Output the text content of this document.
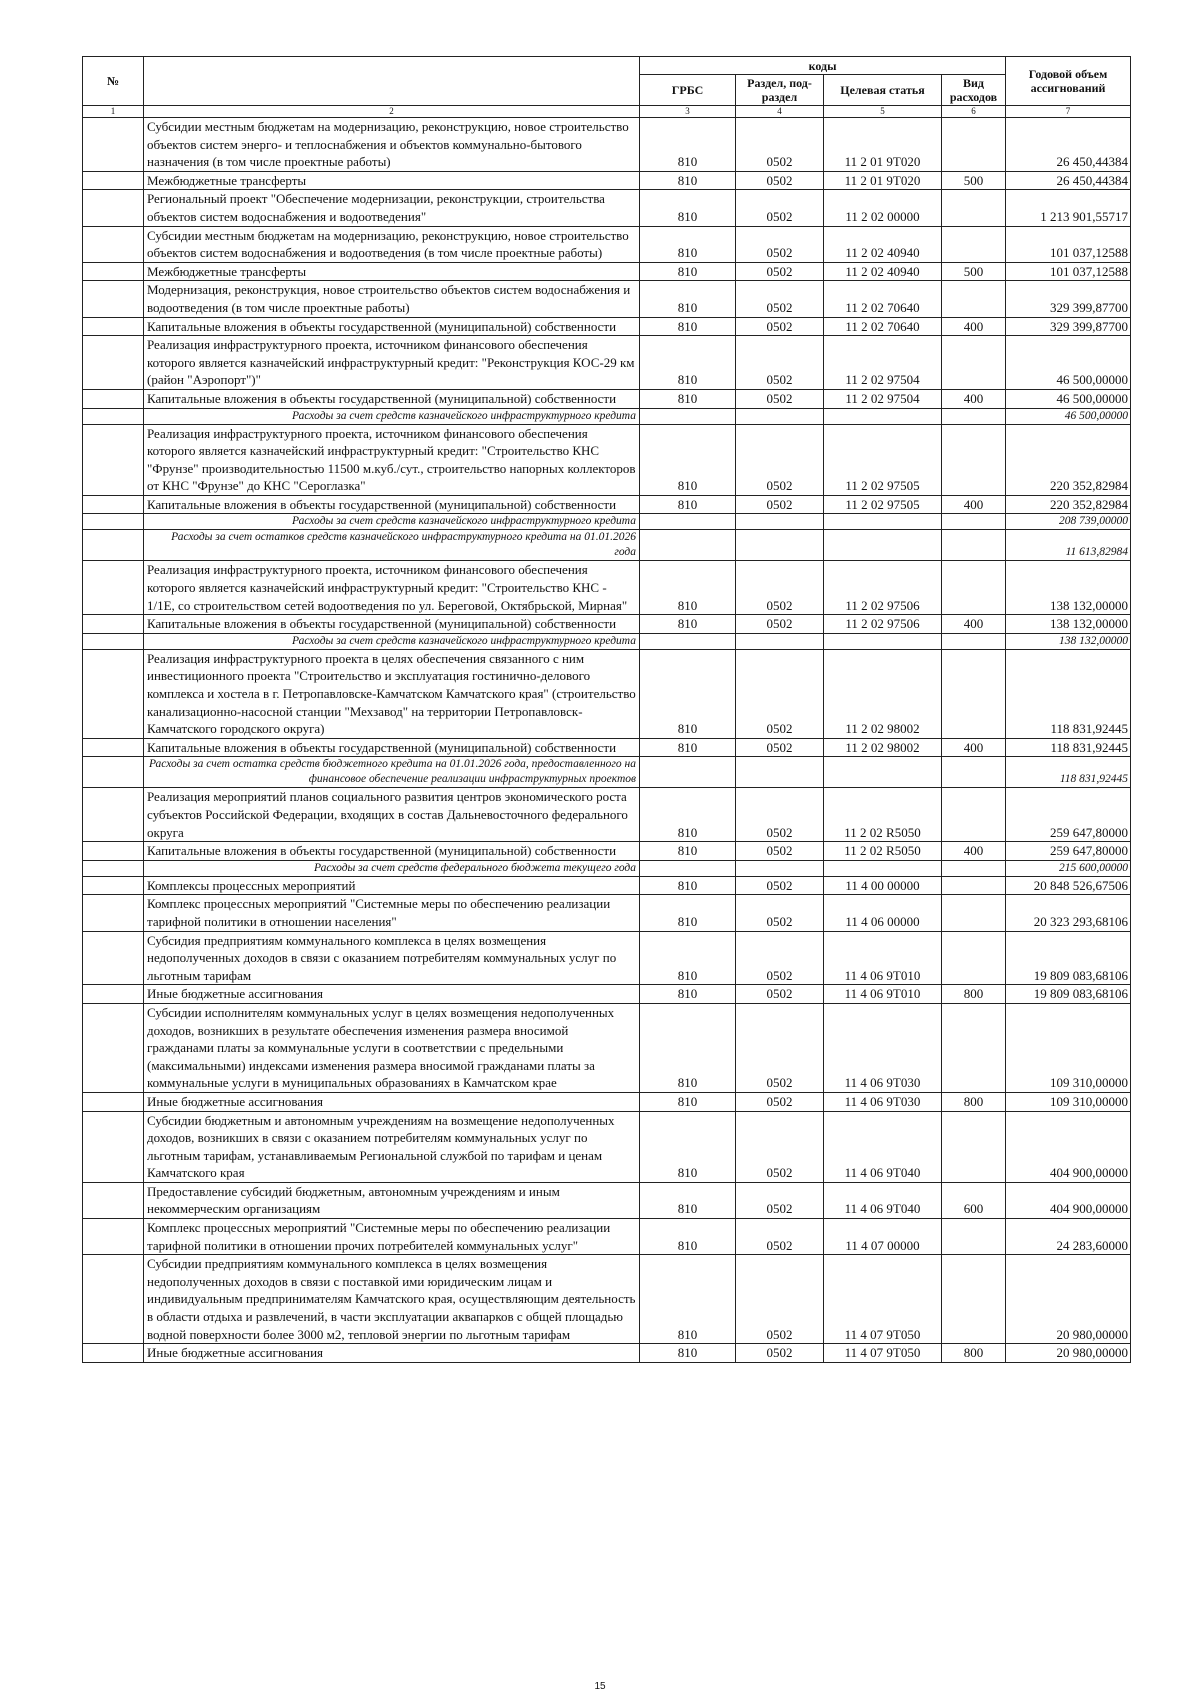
№		коды				Годовой объем ассигнований
		ГРБС	Раздел, под-раздел	Целевая статья	Вид расходов	
1	2	3	4	5	6	7
	Субсидии местным бюджетам на модернизацию, реконструкцию, новое строительство объектов систем энерго- и теплоснабжения и объектов коммунально-бытового назначения (в том числе проектные работы)	810	0502	11 2 01 9Т020		26 450,44384
	Межбюджетные трансферты	810	0502	11 2 01 9Т020	500	26 450,44384
	Региональный проект "Обеспечение модернизации, реконструкции, строительства объектов систем водоснабжения и водоотведения"	810	0502	11 2 02 00000		1 213 901,55717
	Субсидии местным бюджетам на модернизацию, реконструкцию, новое строительство объектов систем водоснабжения и водоотведения (в том числе проектные работы)	810	0502	11 2 02 40940		101 037,12588
	Межбюджетные трансферты	810	0502	11 2 02 40940	500	101 037,12588
	Модернизация, реконструкция, новое строительство объектов систем водоснабжения и водоотведения (в том числе проектные работы)	810	0502	11 2 02 70640		329 399,87700
	Капитальные вложения в объекты государственной (муниципальной) собственности	810	0502	11 2 02 70640	400	329 399,87700
	Реализация инфраструктурного проекта, источником финансового обеспечения которого является казначейский инфраструктурный кредит: "Реконструкция КОС-29 км (район "Аэропорт")"	810	0502	11 2 02 97504		46 500,00000
	Капитальные вложения в объекты государственной (муниципальной) собственности	810	0502	11 2 02 97504	400	46 500,00000
	Расходы за счет средств казначейского инфраструктурного кредита					46 500,00000
	Реализация инфраструктурного проекта, источником финансового обеспечения которого является казначейский инфраструктурный кредит: "Строительство КНС "Фрунзе" производительностью 11500 м.куб./сут., строительство напорных коллекторов от КНС "Фрунзе" до КНС "Сероглазка"	810	0502	11 2 02 97505		220 352,82984
	Капитальные вложения в объекты государственной (муниципальной) собственности	810	0502	11 2 02 97505	400	220 352,82984
	Расходы за счет средств казначейского инфраструктурного кредита					208 739,00000
	Расходы за счет остатков средств казначейского инфраструктурного кредита на 01.01.2026 года					11 613,82984
	Реализация инфраструктурного проекта, источником финансового обеспечения которого является казначейский инфраструктурный кредит: "Строительство КНС - 1/1Е, со строительством сетей водоотведения по ул. Береговой, Октябрьской, Мирная"	810	0502	11 2 02 97506		138 132,00000
	Капитальные вложения в объекты государственной (муниципальной) собственности	810	0502	11 2 02 97506	400	138 132,00000
	Расходы за счет средств казначейского инфраструктурного кредита					138 132,00000
	Реализация инфраструктурного проекта в целях обеспечения связанного с ним инвестиционного проекта "Строительство и эксплуатация гостинично-делового комплекса и хостела в г. Петропавловске-Камчатском Камчатского края" (строительство канализационно-насосной станции "Мехзавод" на территории Петропавловск-Камчатского городского округа)	810	0502	11 2 02 98002		118 831,92445
	Капитальные вложения в объекты государственной (муниципальной) собственности	810	0502	11 2 02 98002	400	118 831,92445
	Расходы за счет остатка средств бюджетного кредита на 01.01.2026 года, предоставленного на финансовое обеспечение реализации инфраструктурных проектов					118 831,92445
	Реализация мероприятий планов социального развития центров экономического роста субъектов Российской Федерации, входящих в состав Дальневосточного федерального округа	810	0502	11 2 02 R5050		259 647,80000
	Капитальные вложения в объекты государственной (муниципальной) собственности	810	0502	11 2 02 R5050	400	259 647,80000
	Расходы за счет средств федерального бюджета текущего года					215 600,00000
	Комплексы процессных мероприятий	810	0502	11 4 00 00000		20 848 526,67506
	Комплекс процессных мероприятий "Системные меры по обеспечению реализации тарифной политики в отношении населения"	810	0502	11 4 06 00000		20 323 293,68106
	Субсидия предприятиям коммунального комплекса в целях возмещения недополученных доходов в связи с оказанием потребителям коммунальных услуг по льготным тарифам	810	0502	11 4 06 9Т010		19 809 083,68106
	Иные бюджетные ассигнования	810	0502	11 4 06 9Т010	800	19 809 083,68106
	Субсидии исполнителям коммунальных услуг в целях возмещения недополученных доходов, возникших в результате обеспечения изменения размера вносимой гражданами платы за коммунальные услуги в соответствии с предельными (максимальными) индексами изменения размера вносимой гражданами платы за коммунальные услуги в муниципальных образованиях в Камчатском крае	810	0502	11 4 06 9Т030		109 310,00000
	Иные бюджетные ассигнования	810	0502	11 4 06 9Т030	800	109 310,00000
	Субсидии бюджетным и автономным учреждениям на возмещение недополученных доходов, возникших в связи с оказанием потребителям коммунальных услуг по льготным тарифам, устанавливаемым Региональной службой по тарифам и ценам Камчатского края	810	0502	11 4 06 9Т040		404 900,00000
	Предоставление субсидий бюджетным, автономным учреждениям и иным некоммерческим организациям	810	0502	11 4 06 9Т040	600	404 900,00000
	Комплекс процессных мероприятий "Системные меры по обеспечению реализации тарифной политики в отношении прочих потребителей коммунальных услуг"	810	0502	11 4 07 00000		24 283,60000
	Субсидии предприятиям коммунального комплекса в целях возмещения недополученных доходов в связи с поставкой ими юридическим лицам и индивидуальным предпринимателям Камчатского края, осуществляющим деятельность в области отдыха и развлечений, в части эксплуатации аквапарков с общей площадью водной поверхности более 3000 м2, тепловой энергии по льготным тарифам	810	0502	11 4 07 9Т050		20 980,00000
	Иные бюджетные ассигнования	810	0502	11 4 07 9Т050	800	20 980,00000
15
